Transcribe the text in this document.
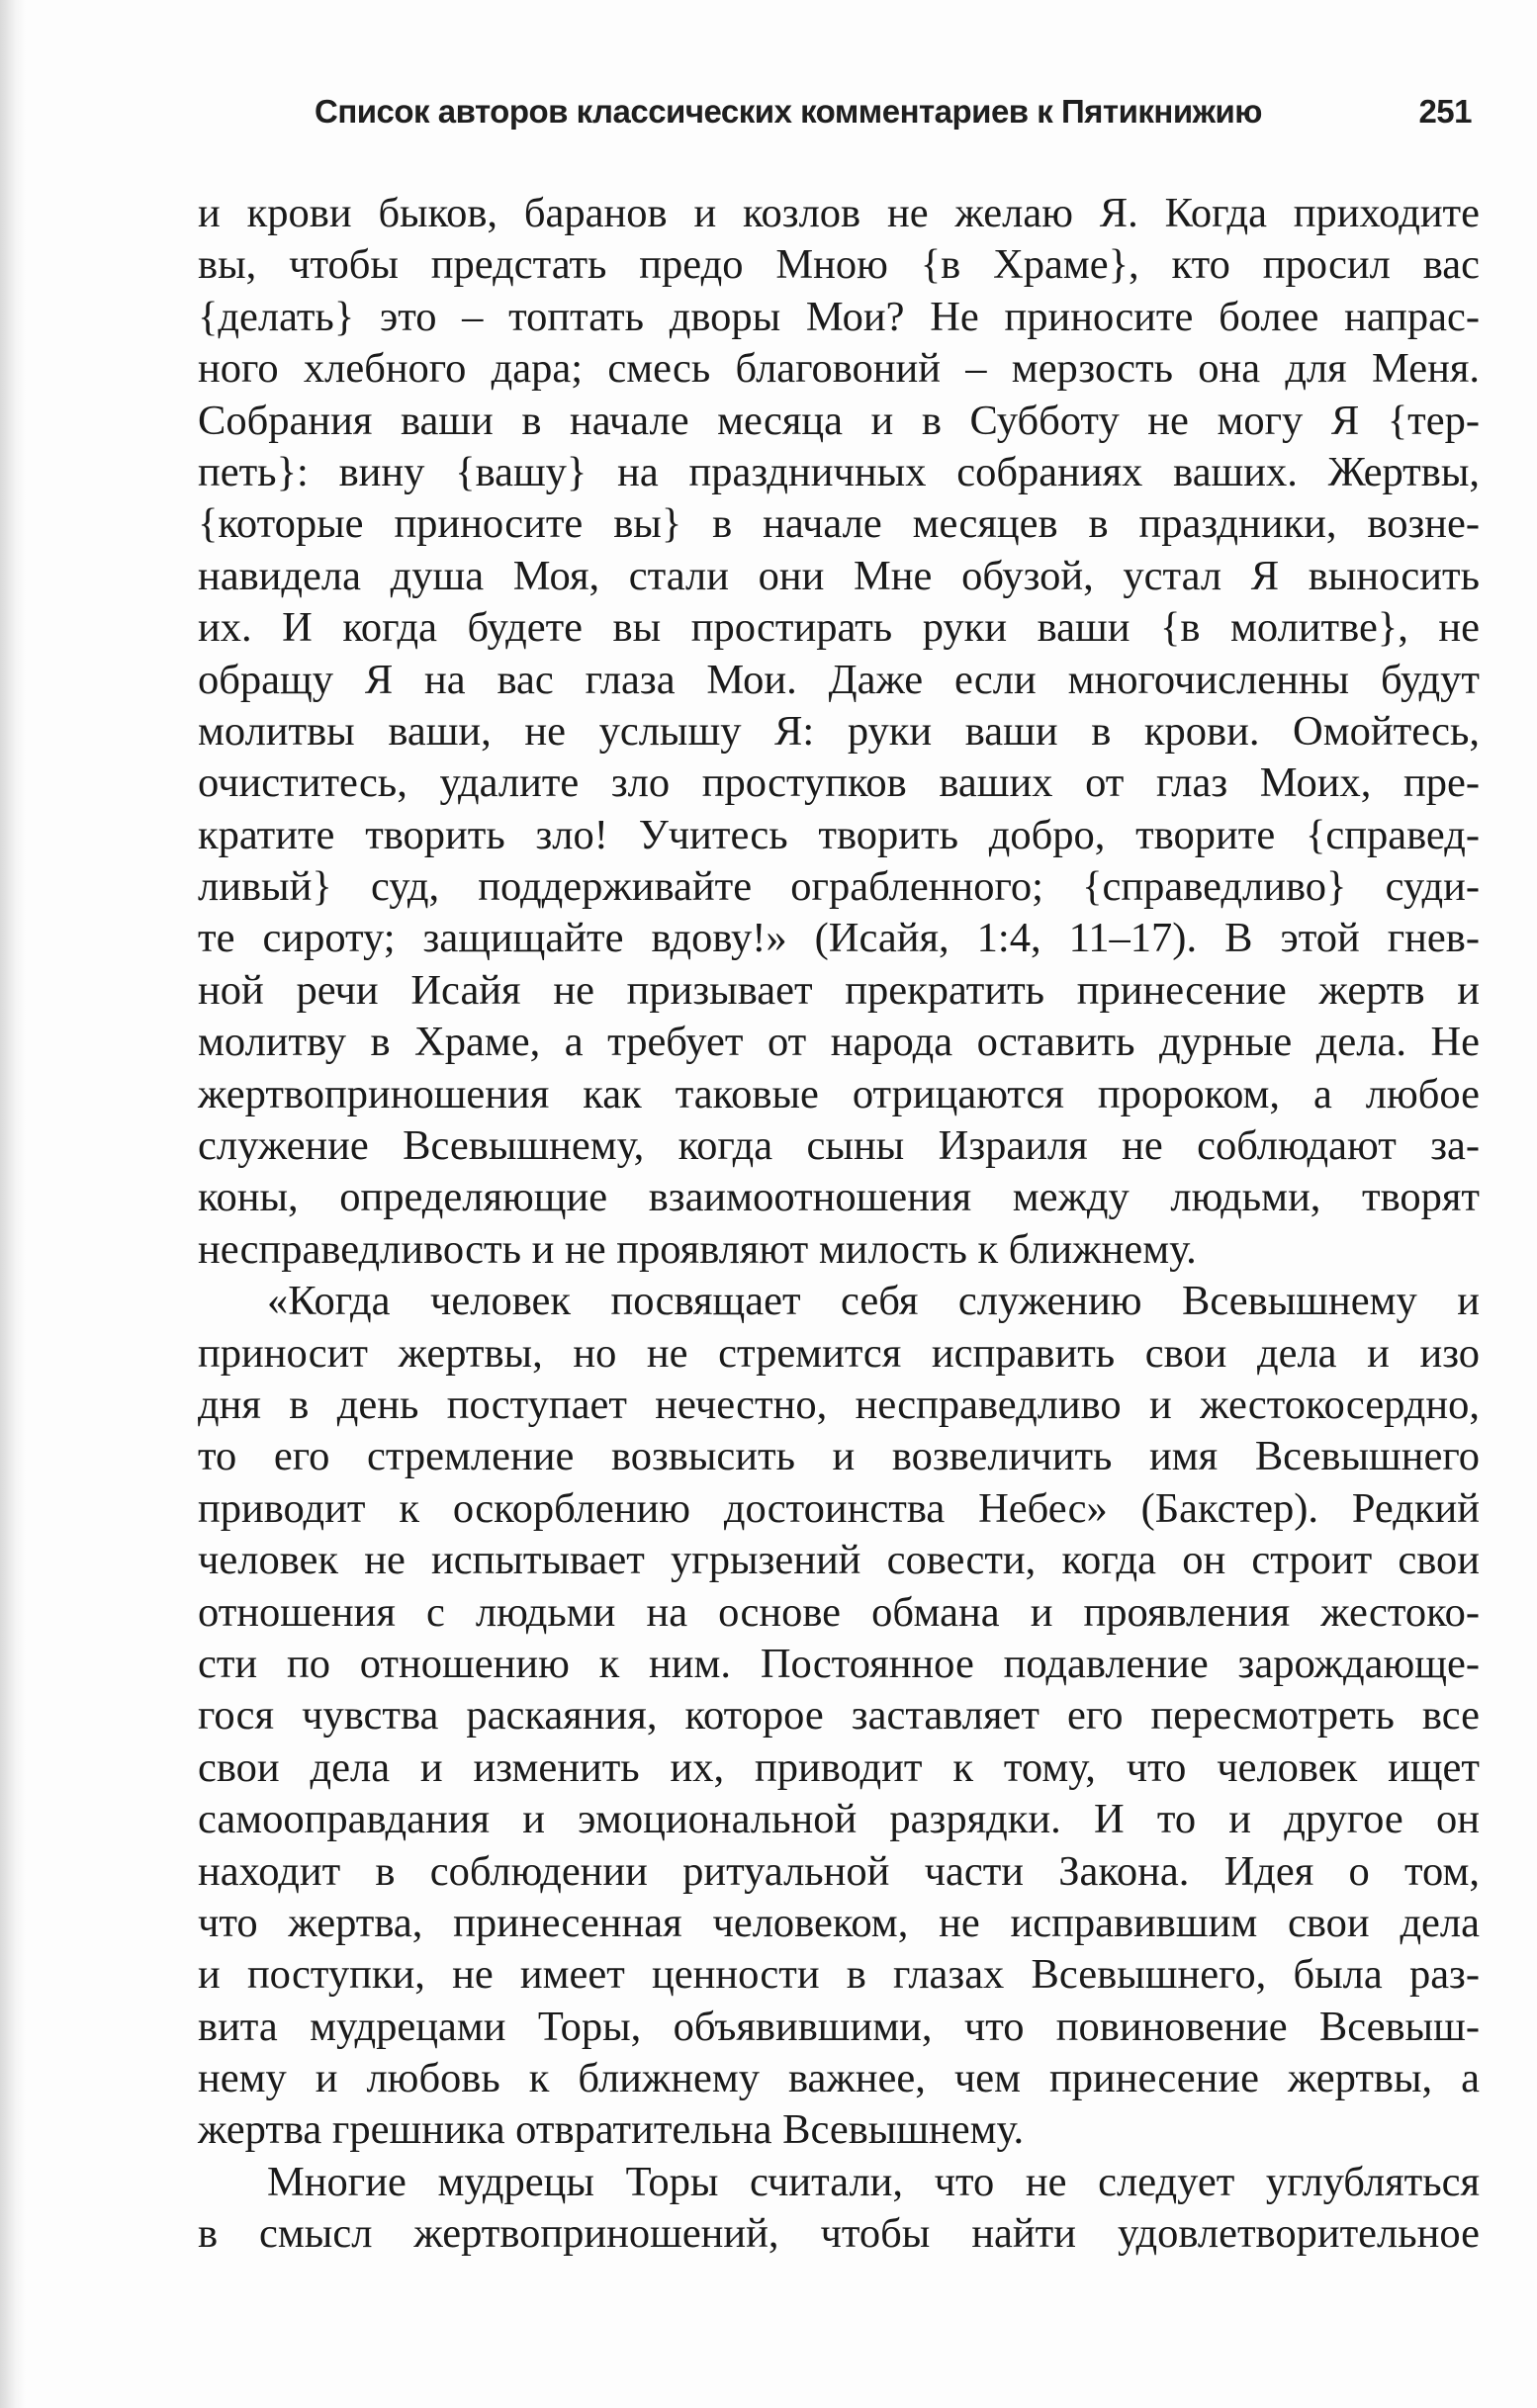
Список авторов классических комментариев к Пятикнижию	251
и крови быков, баранов и козлов не желаю Я. Когда приходите
вы, чтобы предстать предо Мною {в Храме}, кто просил вас
{делать} это – топтать дворы Мои? Не приносите более напрас-
ного хлебного дара; смесь благовоний – мерзость она для Меня.
Собрания ваши в начале месяца и в Субботу не могу Я {тер-
петь}: вину {вашу} на праздничных собраниях ваших. Жертвы,
{которые приносите вы} в начале месяцев в праздники, возне-
навидела душа Моя, стали они Мне обузой, устал Я выносить
их. И когда будете вы простирать руки ваши {в молитве}, не
обращу Я на вас глаза Мои. Даже если многочисленны будут
молитвы ваши, не услышу Я: руки ваши в крови. Омойтесь,
очиститесь, удалите зло проступков ваших от глаз Моих, пре-
кратите творить зло! Учитесь творить добро, творите {справед-
ливый} суд, поддерживайте ограбленного; {справедливо} суди-
те сироту; защищайте вдову!» (Исайя, 1:4, 11–17). В этой гнев-
ной речи Исайя не призывает прекратить принесение жертв и
молитву в Храме, а требует от народа оставить дурные дела. Не
жертвоприношения как таковые отрицаются пророком, а любое
служение Всевышнему, когда сыны Израиля не соблюдают за-
коны, определяющие взаимоотношения между людьми, творят
несправедливость и не проявляют милость к ближнему.
«Когда человек посвящает себя служению Всевышнему и
приносит жертвы, но не стремится исправить свои дела и изо
дня в день поступает нечестно, несправедливо и жестокосердно,
то его стремление возвысить и возвеличить имя Всевышнего
приводит к оскорблению достоинства Небес» (Бакстер). Редкий
человек не испытывает угрызений совести, когда он строит свои
отношения с людьми на основе обмана и проявления жестоко-
сти по отношению к ним. Постоянное подавление зарождающе-
гося чувства раскаяния, которое заставляет его пересмотреть все
свои дела и изменить их, приводит к тому, что человек ищет
самооправдания и эмоциональной разрядки. И то и другое он
находит в соблюдении ритуальной части Закона. Идея о том,
что жертва, принесенная человеком, не исправившим свои дела
и поступки, не имеет ценности в глазах Всевышнего, была раз-
вита мудрецами Торы, объявившими, что повиновение Всевыш-
нему и любовь к ближнему важнее, чем принесение жертвы, а
жертва грешника отвратительна Всевышнему.
Многие мудрецы Торы считали, что не следует углубляться
в смысл жертвоприношений, чтобы найти удовлетворительное
